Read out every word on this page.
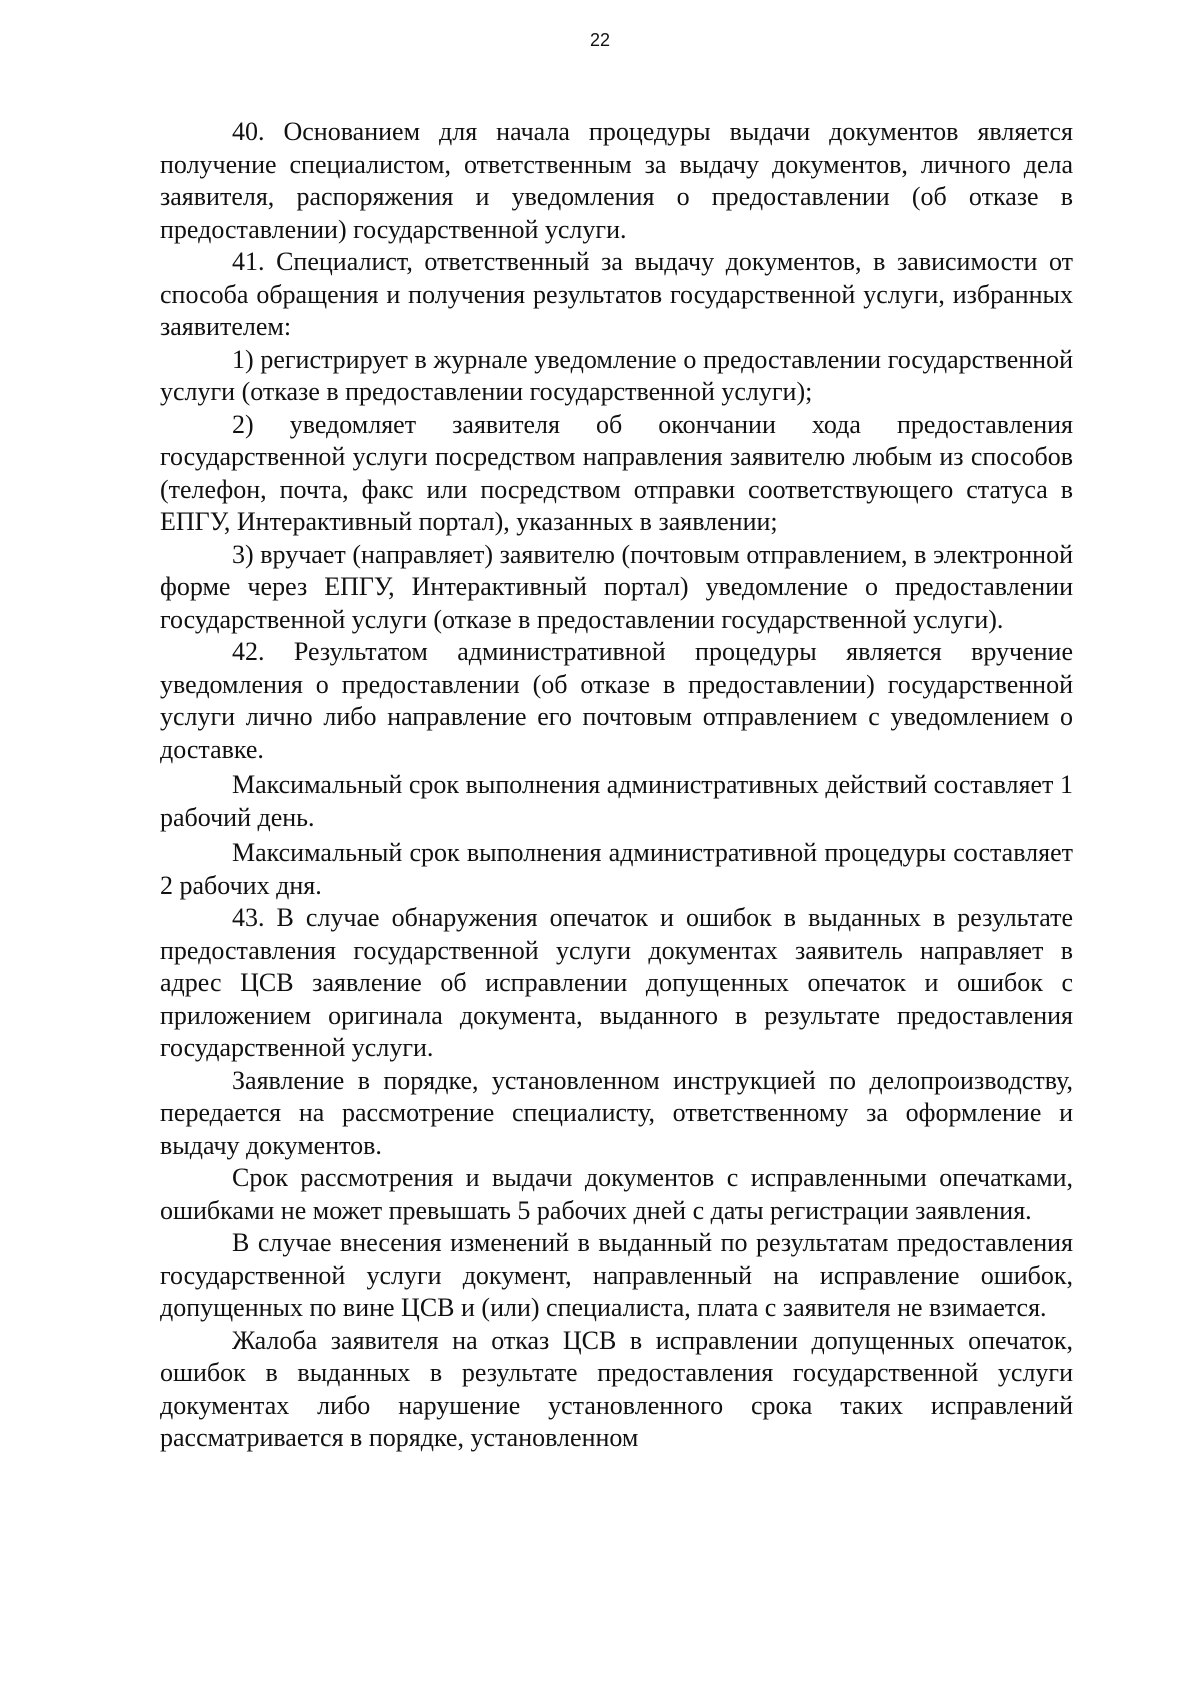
22

40. Основанием для начала процедуры выдачи документов является получение специалистом, ответственным за выдачу документов, личного дела заявителя, распоряжения и уведомления о предоставлении (об отказе в предоставлении) государственной услуги.

41. Специалист, ответственный за выдачу документов, в зависимости от способа обращения и получения результатов государственной услуги, избранных заявителем:

1) регистрирует в журнале уведомление о предоставлении государственной услуги (отказе в предоставлении государственной услуги);

2) уведомляет заявителя об окончании хода предоставления государственной услуги посредством направления заявителю любым из способов (телефон, почта, факс или посредством отправки соответствующего статуса в ЕПГУ, Интерактивный портал), указанных в заявлении;

3) вручает (направляет) заявителю (почтовым отправлением, в электронной форме через ЕПГУ, Интерактивный портал) уведомление о предоставлении государственной услуги (отказе в предоставлении государственной услуги).

42. Результатом административной процедуры является вручение уведомления о предоставлении (об отказе в предоставлении) государственной услуги лично либо направление его почтовым отправлением с уведомлением о доставке.

Максимальный срок выполнения административных действий составляет 1 рабочий день.

Максимальный срок выполнения административной процедуры составляет 2 рабочих дня.

43. В случае обнаружения опечаток и ошибок в выданных в результате предоставления государственной услуги документах заявитель направляет в адрес ЦСВ заявление об исправлении допущенных опечаток и ошибок с приложением оригинала документа, выданного в результате предоставления государственной услуги.

Заявление в порядке, установленном инструкцией по делопроизводству, передается на рассмотрение специалисту, ответственному за оформление и выдачу документов.

Срок рассмотрения и выдачи документов с исправленными опечатками, ошибками не может превышать 5 рабочих дней с даты регистрации заявления.

В случае внесения изменений в выданный по результатам предоставления государственной услуги документ, направленный на исправление ошибок, допущенных по вине ЦСВ и (или) специалиста, плата с заявителя не взимается.

Жалоба заявителя на отказ ЦСВ в исправлении допущенных опечаток, ошибок в выданных в результате предоставления государственной услуги документах либо нарушение установленного срока таких исправлений рассматривается в порядке, установленном
